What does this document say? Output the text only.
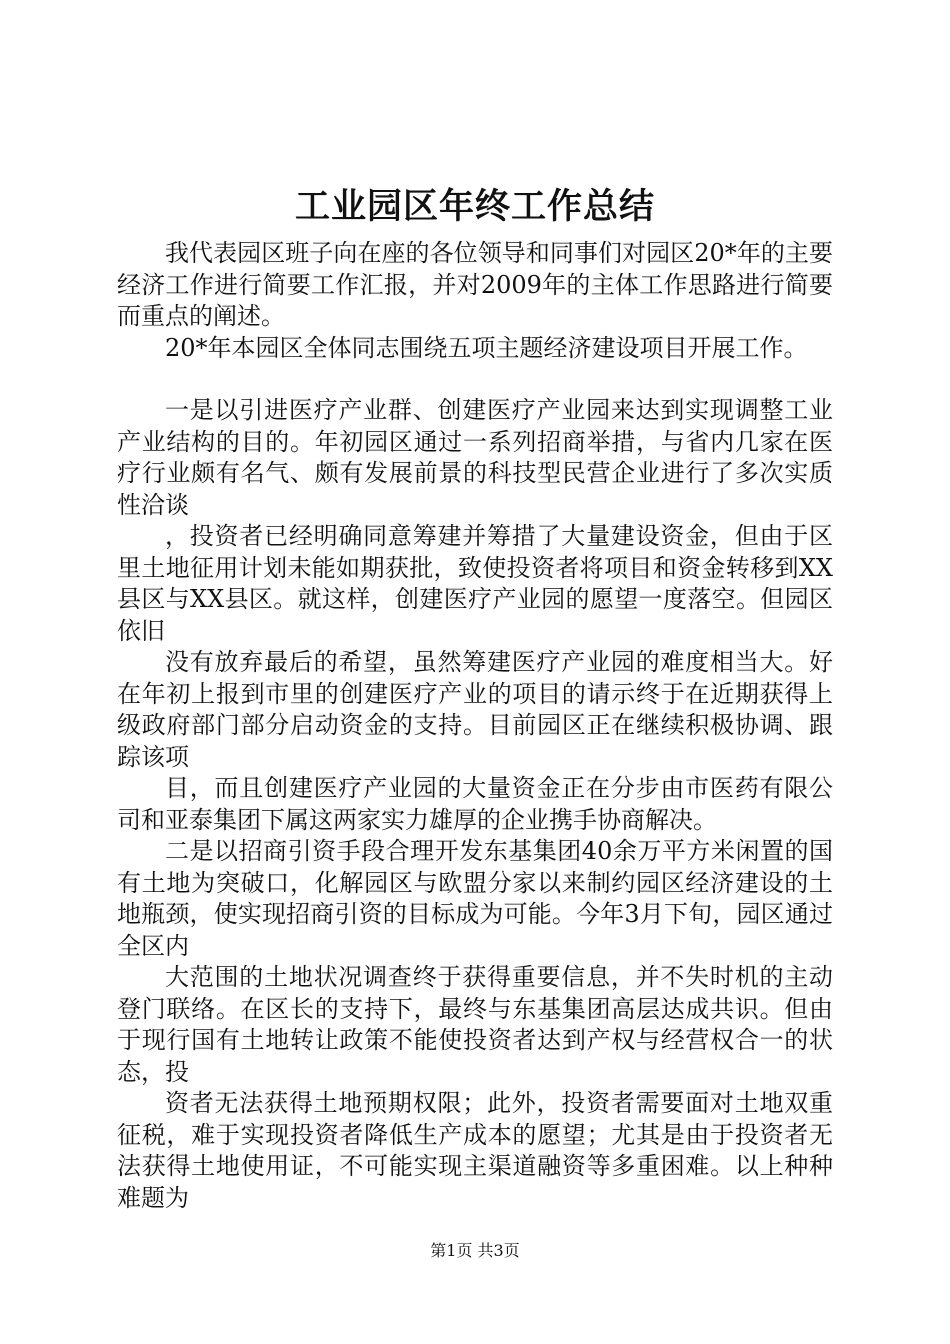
工业园区年终工作总结

我代表园区班子向在座的各位领导和同事们对园区20*年的主要经济工作进行简要工作汇报，并对2009年的主体工作思路进行简要而重点的阐述。

20*年本园区全体同志围绕五项主题经济建设项目开展工作。

一是以引进医疗产业群、创建医疗产业园来达到实现调整工业产业结构的目的。年初园区通过一系列招商举措，与省内几家在医疗行业颇有名气、颇有发展前景的科技型民营企业进行了多次实质性洽谈

，投资者已经明确同意筹建并筹措了大量建设资金，但由于区里土地征用计划未能如期获批，致使投资者将项目和资金转移到XX县区与XX县区。就这样，创建医疗产业园的愿望一度落空。但园区依旧

没有放弃最后的希望，虽然筹建医疗产业园的难度相当大。好在年初上报到市里的创建医疗产业的项目的请示终于在近期获得上级政府部门部分启动资金的支持。目前园区正在继续积极协调、跟踪该项

目，而且创建医疗产业园的大量资金正在分步由市医药有限公司和亚泰集团下属这两家实力雄厚的企业携手协商解决。

二是以招商引资手段合理开发东基集团40余万平方米闲置的国有土地为突破口，化解园区与欧盟分家以来制约园区经济建设的土地瓶颈，使实现招商引资的目标成为可能。今年3月下旬，园区通过全区内

大范围的土地状况调查终于获得重要信息，并不失时机的主动登门联络。在区长的支持下，最终与东基集团高层达成共识。但由于现行国有土地转让政策不能使投资者达到产权与经营权合一的状态，投

资者无法获得土地预期权限；此外，投资者需要面对土地双重征税，难于实现投资者降低生产成本的愿望；尤其是由于投资者无法获得土地使用证，不可能实现主渠道融资等多重困难。以上种种难题为

第1页 共3页
